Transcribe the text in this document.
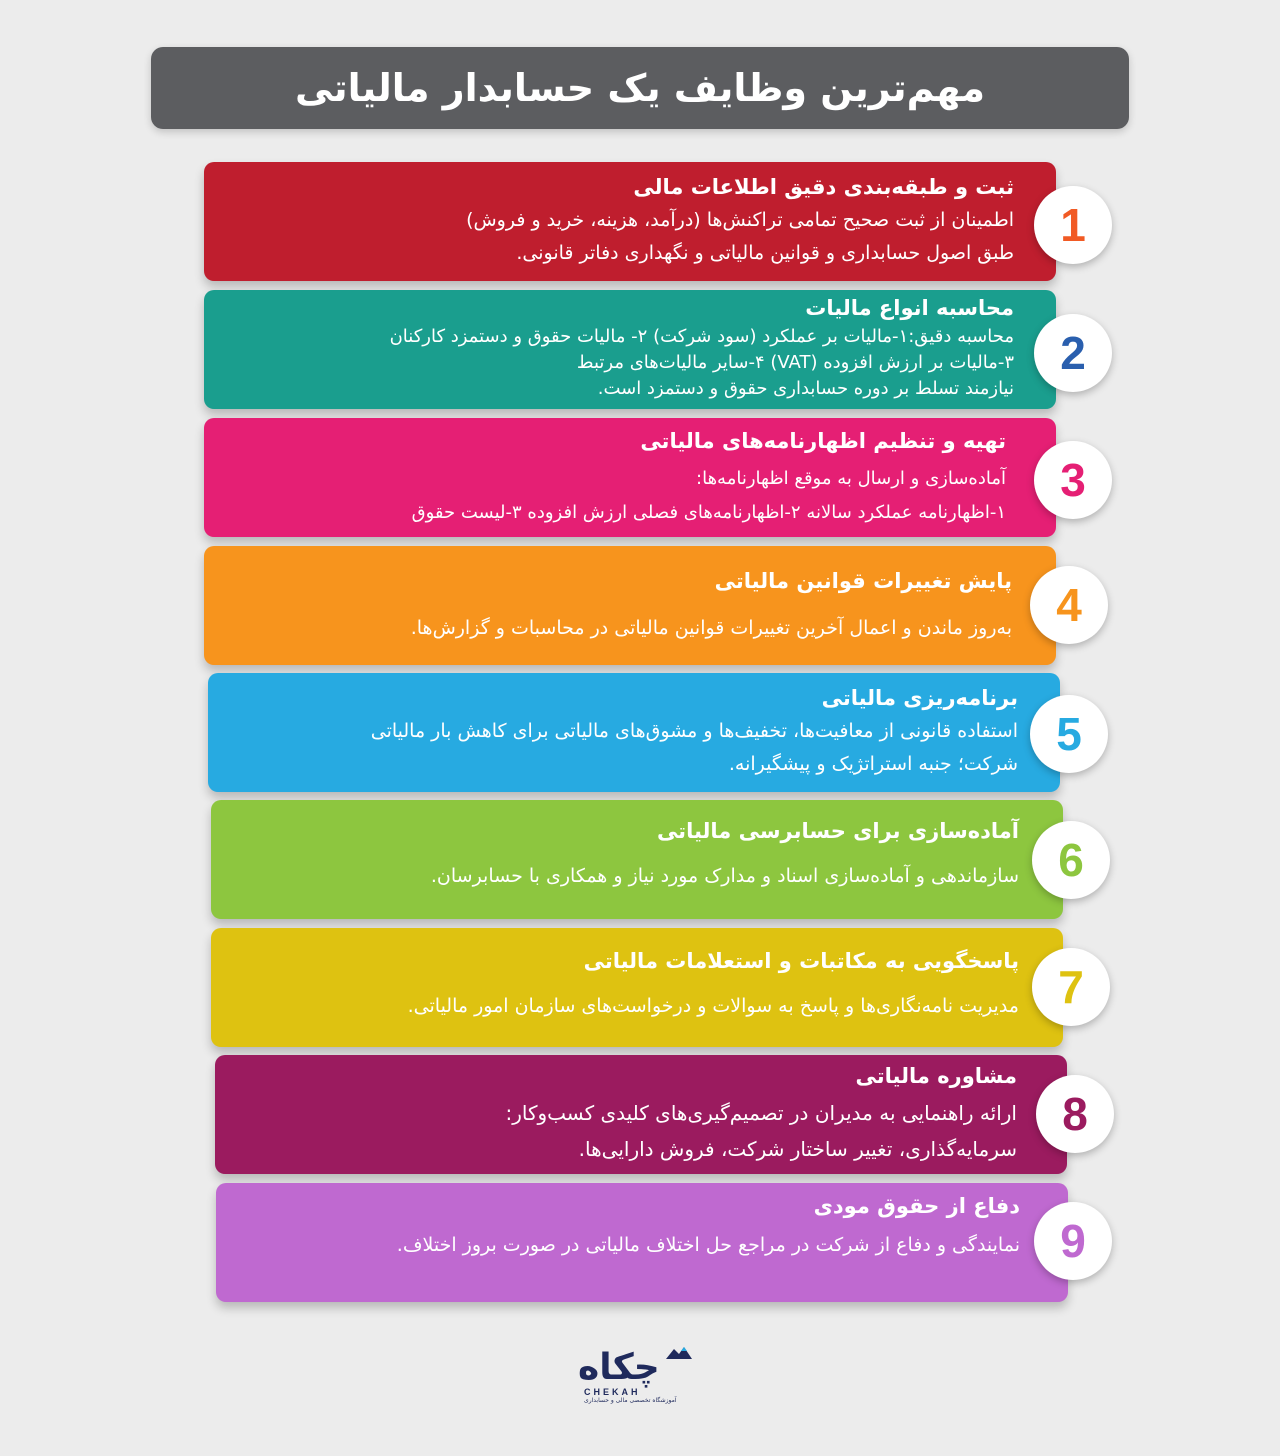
مهم‌ترین وظایف یک حسابدار مالیاتی
ثبت و طبقه‌بندی دقیق اطلاعات مالی
اطمینان از ثبت صحیح تمامی تراکنش‌ها (درآمد، هزینه، خرید و فروش)
طبق اصول حسابداری و قوانین مالیاتی و نگهداری دفاتر قانونی.
1
محاسبه انواع مالیات
محاسبه دقیق:۱-مالیات بر عملکرد (سود شرکت) ۲- مالیات حقوق و دستمزد کارکنان
۳-مالیات بر ارزش افزوده (VAT) ۴-سایر مالیات‌های مرتبط
نیازمند تسلط بر دوره حسابداری حقوق و دستمزد است.
2
تهیه و تنظیم اظهارنامه‌های مالیاتی
آماده‌سازی و ارسال به موقع اظهارنامه‌ها:
۱-اظهارنامه عملکرد سالانه ۲-اظهارنامه‌های فصلی ارزش افزوده ۳-لیست حقوق
3
پایش تغییرات قوانین مالیاتی
به‌روز ماندن و اعمال آخرین تغییرات قوانین مالیاتی در محاسبات و گزارش‌ها. 4
برنامه‌ریزی مالیاتی
استفاده قانونی از معافیت‌ها، تخفیف‌ها و مشوق‌های مالیاتی برای کاهش بار مالیاتی
شرکت؛ جنبه استراتژیک و پیشگیرانه.
5
آماده‌سازی برای حسابرسی مالیاتی
سازماندهی و آماده‌سازی اسناد و مدارک مورد نیاز و همکاری با حسابرسان. 6
پاسخگویی به مکاتبات و استعلامات مالیاتی
مدیریت نامه‌نگاری‌ها و پاسخ به سوالات و درخواست‌های سازمان امور مالیاتی. 7
مشاوره مالیاتی
ارائه راهنمایی به مدیران در تصمیم‌گیری‌های کلیدی کسب‌وکار:
سرمایه‌گذاری، تغییر ساختار شرکت، فروش دارایی‌ها.
8
دفاع از حقوق مودی
نمایندگی و دفاع از شرکت در مراجع حل اختلاف مالیاتی در صورت بروز اختلاف. 9
چکاه
CHEKAH
آموزشگاه تخصصی مالی و حسابداری
